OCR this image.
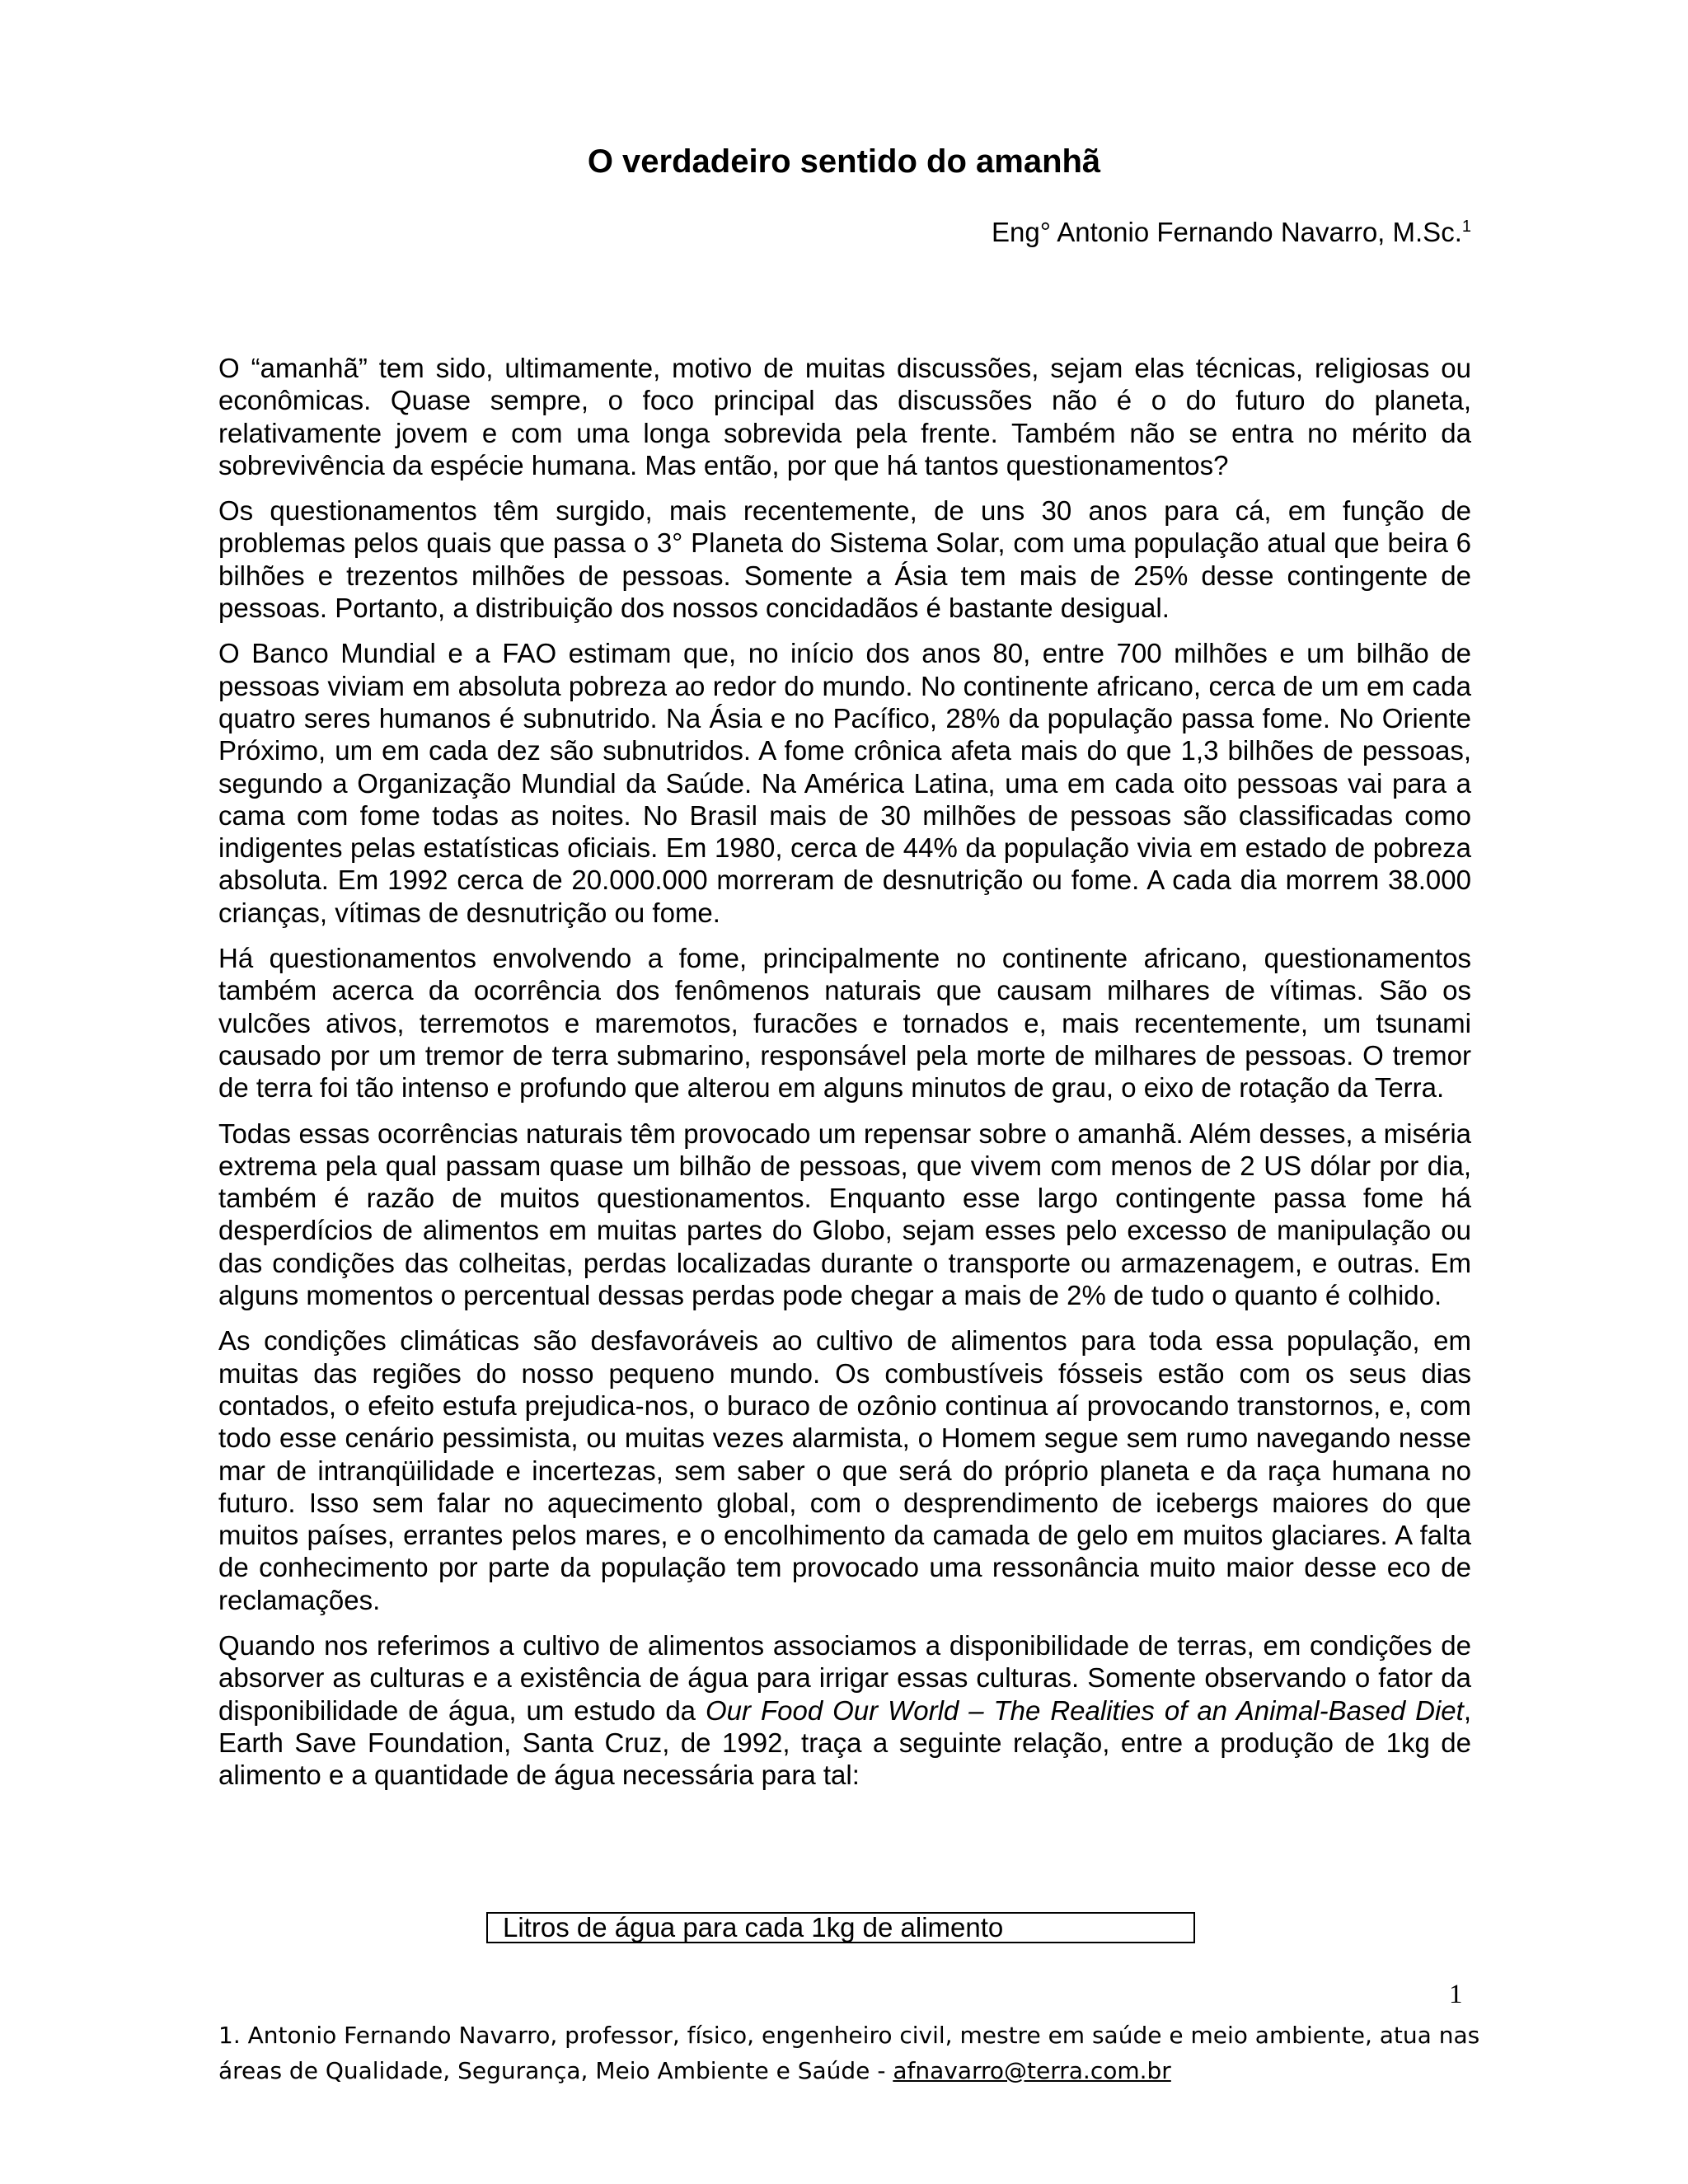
O verdadeiro sentido do amanhã
Eng° Antonio Fernando Navarro, M.Sc.$^1$

O “amanhã” tem sido, ultimamente, motivo de muitas discussões, sejam elas técnicas, religiosas ou econômicas. Quase sempre, o foco principal das discussões não é o do futuro do planeta, relativamente jovem e com uma longa sobrevida pela frente. Também não se entra no mérito da sobrevivência da espécie humana. Mas então, por que há tantos questionamentos?

Os questionamentos têm surgido, mais recentemente, de uns 30 anos para cá, em função de problemas pelos quais que passa o 3° Planeta do Sistema Solar, com uma população atual que beira 6 bilhões e trezentos milhões de pessoas. Somente a Ásia tem mais de 25% desse contingente de pessoas. Portanto, a distribuição dos nossos concidadãos é bastante desigual.

O Banco Mundial e a FAO estimam que, no início dos anos 80, entre 700 milhões e um bilhão de pessoas viviam em absoluta pobreza ao redor do mundo. No continente africano, cerca de um em cada quatro seres humanos é subnutrido. Na Ásia e no Pacífico, 28% da população passa fome. No Oriente Próximo, um em cada dez são subnutridos. A fome crônica afeta mais do que 1,3 bilhões de pessoas, segundo a Organização Mundial da Saúde. Na América Latina, uma em cada oito pessoas vai para a cama com fome todas as noites. No Brasil mais de 30 milhões de pessoas são classificadas como indigentes pelas estatísticas oficiais. Em 1980, cerca de 44% da população vivia em estado de pobreza absoluta. Em 1992 cerca de 20.000.000 morreram de desnutrição ou fome. A cada dia morrem 38.000 crianças, vítimas de desnutrição ou fome.

Há questionamentos envolvendo a fome, principalmente no continente africano, questionamentos também acerca da ocorrência dos fenômenos naturais que causam milhares de vítimas. São os vulcões ativos, terremotos e maremotos, furacões e tornados e, mais recentemente, um tsunami causado por um tremor de terra submarino, responsável pela morte de milhares de pessoas. O tremor de terra foi tão intenso e profundo que alterou em alguns minutos de grau, o eixo de rotação da Terra.

Todas essas ocorrências naturais têm provocado um repensar sobre o amanhã. Além desses, a miséria extrema pela qual passam quase um bilhão de pessoas, que vivem com menos de 2 US dólar por dia, também é razão de muitos questionamentos. Enquanto esse largo contingente passa fome há desperdícios de alimentos em muitas partes do Globo, sejam esses pelo excesso de manipulação ou das condições das colheitas, perdas localizadas durante o transporte ou armazenagem, e outras. Em alguns momentos o percentual dessas perdas pode chegar a mais de 2% de tudo o quanto é colhido.

As condições climáticas são desfavoráveis ao cultivo de alimentos para toda essa população, em muitas das regiões do nosso pequeno mundo. Os combustíveis fósseis estão com os seus dias contados, o efeito estufa prejudica-nos, o buraco de ozônio continua aí provocando transtornos, e, com todo esse cenário pessimista, ou muitas vezes alarmista, o Homem segue sem rumo navegando nesse mar de intranqüilidade e incertezas, sem saber o que será do próprio planeta e da raça humana no futuro. Isso sem falar no aquecimento global, com o desprendimento de icebergs maiores do que muitos países, errantes pelos mares, e o encolhimento da camada de gelo em muitos glaciares. A falta de conhecimento por parte da população tem provocado uma ressonância muito maior desse eco de reclamações.

Quando nos referimos a cultivo de alimentos associamos a disponibilidade de terras, em condições de absorver as culturas e a existência de água para irrigar essas culturas. Somente observando o fator da disponibilidade de água, um estudo da Our Food Our World – The Realities of an Animal-Based Diet, Earth Save Foundation, Santa Cruz, de 1992, traça a seguinte relação, entre a produção de 1kg de alimento e a quantidade de água necessária para tal:

Litros de água para cada 1kg de alimento
1
1. Antonio Fernando Navarro, professor, físico, engenheiro civil, mestre em saúde e meio ambiente, atua nas áreas de Qualidade, Segurança, Meio Ambiente e Saúde - afnavarro@terra.com.br
